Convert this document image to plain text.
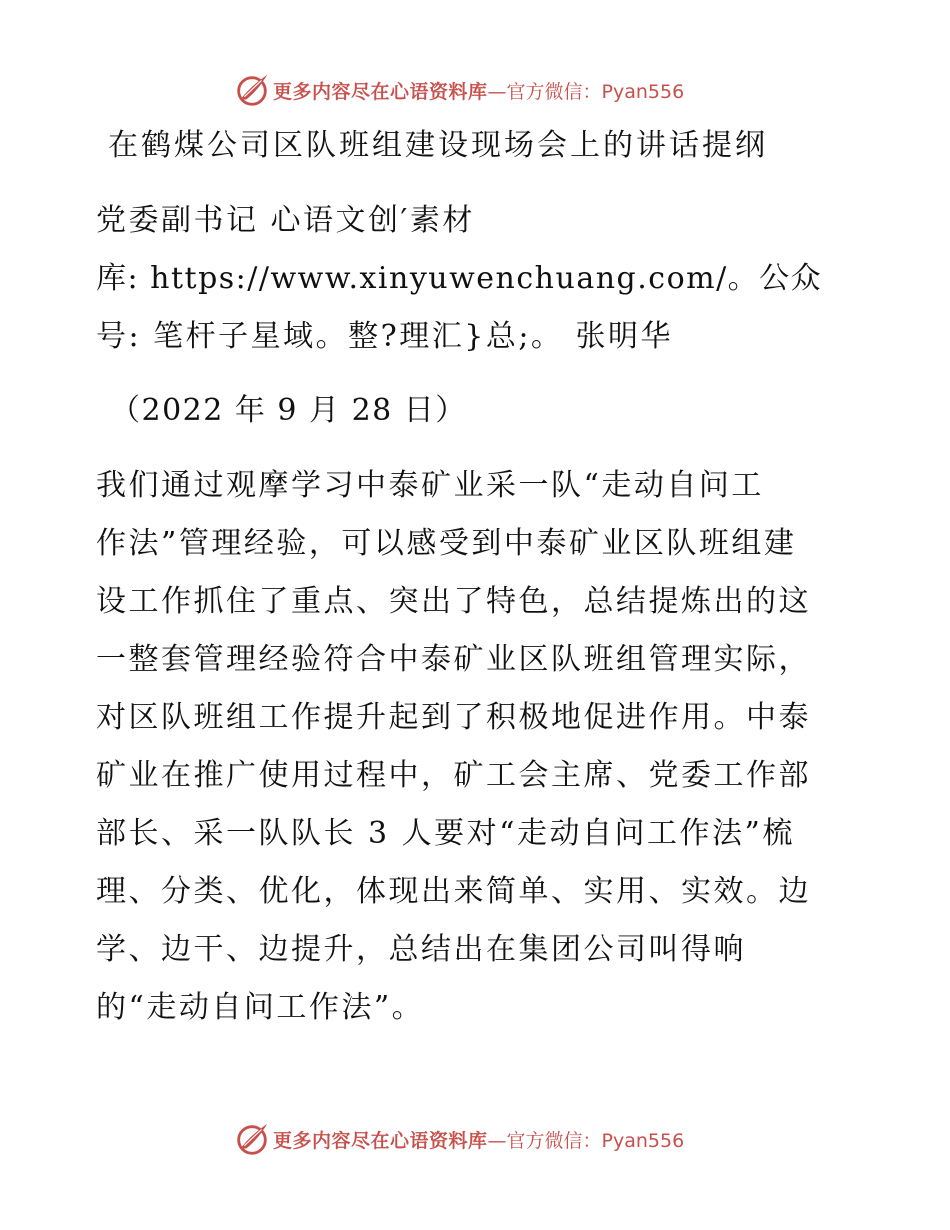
更多内容尽在心语资料库 —官方微信：Pyan556
在鹤煤公司区队班组建设现场会上的讲话提纲
党委副书记 心语文创′素材
库: https://www.xinyuwenchuang.com/。公众
号: 笔杆子星域。整?理汇}总;。 张明华
（2022 年 9 月 28 日）
我们通过观摩学习中泰矿业采一队“走动自问工
作法”管理经验，可以感受到中泰矿业区队班组建
设工作抓住了重点、突出了特色，总结提炼出的这
一整套管理经验符合中泰矿业区队班组管理实际，
对区队班组工作提升起到了积极地促进作用。中泰
矿业在推广使用过程中，矿工会主席、党委工作部
部长、采一队队长 3 人要对“走动自问工作法”梳
理、分类、优化，体现出来简单、实用、实效。边
学、边干、边提升，总结出在集团公司叫得响
的“走动自问工作法”。
更多内容尽在心语资料库 —官方微信：Pyan556
